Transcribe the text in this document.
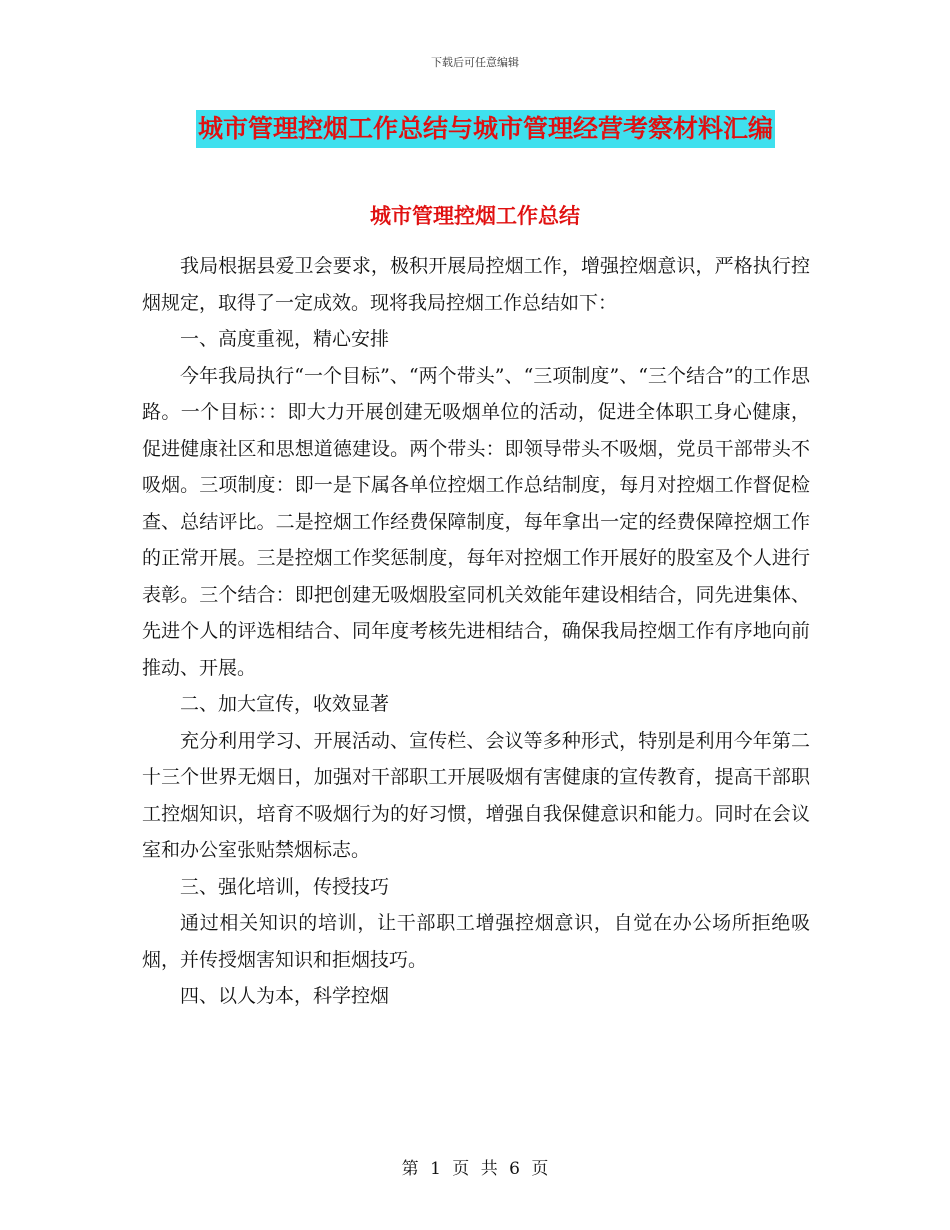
下载后可任意编辑
城市管理控烟工作总结与城市管理经营考察材料汇编
城市管理控烟工作总结

我局根据县爱卫会要求，极积开展局控烟工作，增强控烟意识，严格执行控烟规定，取得了一定成效。现将我局控烟工作总结如下：

一、高度重视，精心安排

今年我局执行“一个目标”、“两个带头”、“三项制度”、“三个结合”的工作思路。一个目标：：即大力开展创建无吸烟单位的活动，促进全体职工身心健康，促进健康社区和思想道德建设。两个带头：即领导带头不吸烟，党员干部带头不吸烟。三项制度：即一是下属各单位控烟工作总结制度，每月对控烟工作督促检查、总结评比。二是控烟工作经费保障制度，每年拿出一定的经费保障控烟工作的正常开展。三是控烟工作奖惩制度，每年对控烟工作开展好的股室及个人进行表彰。三个结合：即把创建无吸烟股室同机关效能年建设相结合，同先进集体、先进个人的评选相结合、同年度考核先进相结合，确保我局控烟工作有序地向前推动、开展。

二、加大宣传，收效显著

充分利用学习、开展活动、宣传栏、会议等多种形式，特别是利用今年第二十三个世界无烟日，加强对干部职工开展吸烟有害健康的宣传教育，提高干部职工控烟知识，培育不吸烟行为的好习惯，增强自我保健意识和能力。同时在会议室和办公室张贴禁烟标志。

三、强化培训，传授技巧

通过相关知识的培训，让干部职工增强控烟意识，自觉在办公场所拒绝吸烟，并传授烟害知识和拒烟技巧。

四、以人为本，科学控烟

第 1 页 共 6 页
